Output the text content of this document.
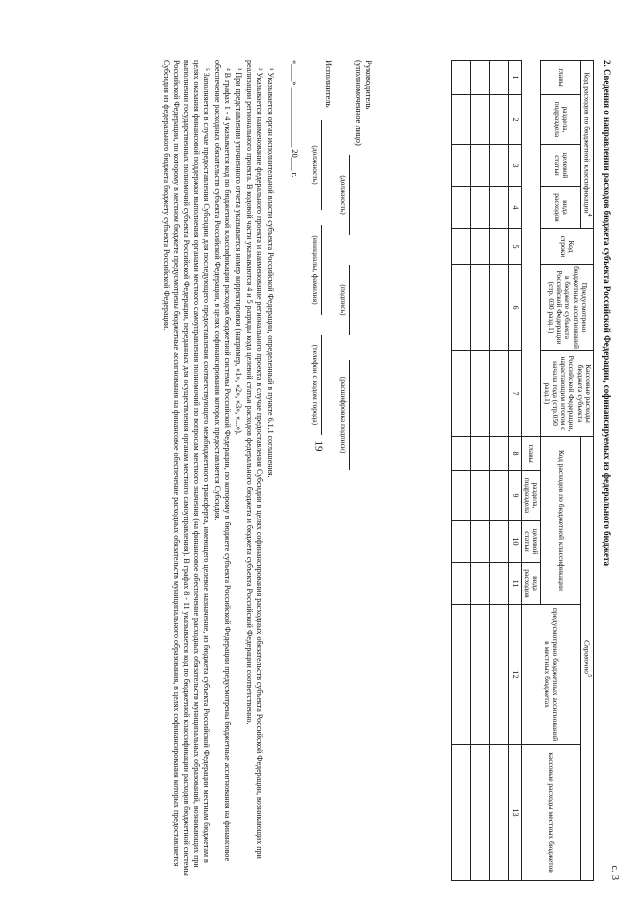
19
с. 3
2. Сведения о направлении расходов бюджета субъекта Российской Федерации, софинансируемых из федерального бюджета
Код расходов по бюджетной классификации$^4$				Код строки	Предусмотрено бюджетных ассигнований в бюджете субъекта Российской Федерации (стр. 030 разд.1)	Кассовые расходы бюджета субъекта Российской Федерации, нарастающим итогом с начала года (стр.050 разд.1)	Справочно$^5$
главы	раздела, подраздела	целевой статьи	вида расходов				Код расходов по бюджетной классификации				предусмотрено бюджетных ассигнований в местных бюджетах	кассовые расходы местных бюджетов
							главы	раздела, подраздела	целевой статьи	вида расходов		
1	2	3	4	5	6	7	8	9	10	11	12	13

Руководитель
(уполномоченное лицо)
(должность)
(подпись)
(расшифровка подписи)
Исполнитель
(должность)
(инициалы, фамилия)
(телефон с кодом города)
«____» ______________ 20___ г.

¹ Указывается орган исполнительной власти субъекта Российской Федерации, определенный в пункте 6.1.1 соглашения.

² Указывается наименование федерального проекта и наименование регионального проекта в случае предоставления Субсидии в целях софинансирования расходных обязательств субъекта Российской Федерации, возникающих при реализации регионального проекта. В кодовой части указываются 4 и 5 разряды кода целевой статьи расходов федерального бюджета и бюджета субъекта Российской Федерации соответственно.

³ При представлении уточненного отчета указывается номер корректировки (например, «1», «2», «3», «...»).

⁴ В графах 1 - 4 указывается код по бюджетной классификации расходов бюджетной системы Российской Федерации, по которому в бюджете субъекта Российской Федерации предусмотрены бюджетные ассигнования на финансовое обеспечение расходных обязательств субъекта Российской Федерации, в целях софинансирования которых предоставляется Субсидия.

⁵ Заполняется в случае предоставления Субсидии для последующего предоставления соответствующего межбюджетного трансферта, имеющего целевое назначение, из бюджета субъекта Российской Федерации местным бюджетам в целях оказания финансовой поддержки выполнения органами местного самоуправления полномочий по вопросам местного значения (на финансовое обеспечение расходных обязательств муниципальных образований, возникающих при выполнении государственных полномочий субъекта Российской Федерации, переданных для осуществления органам местного самоуправления). В графах 8 - 11 указывается код по бюджетной классификации расходов бюджетной системы Российской Федерации, по которому в местном бюджете предусмотрены бюджетные ассигнования на финансовое обеспечение расходных обязательств муниципального образования, в целях софинансирования которых предоставляется Субсидия из федерального бюджета бюджету субъекта Российской Федерации.
